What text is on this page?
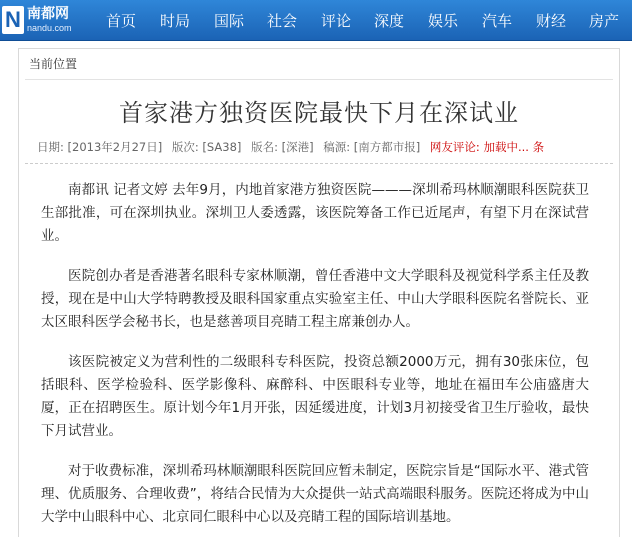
N 南都网
nandu.com 首页 时局 国际 社会 评论 深度 娱乐 汽车 财经 房产
当前位置
首家港方独资医院最快下月在深试业
日期: [2013年2月27日] 版次: [SA38] 版名: [深港] 稿源: [南方都市报] 网友评论: 加载中... 条

南都讯 记者文婷 去年9月，内地首家港方独资医院———深圳希玛林顺潮眼科医院获卫生部批准，可在深圳执业。深圳卫人委透露，该医院筹备工作已近尾声，有望下月在深试营业。

医院创办者是香港著名眼科专家林顺潮，曾任香港中文大学眼科及视觉科学系主任及教授，现在是中山大学特聘教授及眼科国家重点实验室主任、中山大学眼科医院名誉院长、亚太区眼科医学会秘书长，也是慈善项目亮睛工程主席兼创办人。

该医院被定义为营利性的二级眼科专科医院，投资总额2000万元，拥有30张床位，包括眼科、医学检验科、医学影像科、麻醉科、中医眼科专业等，地址在福田车公庙盛唐大厦，正在招聘医生。原计划今年1月开张，因延缓进度，计划3月初接受省卫生厅验收，最快下月试营业。

对于收费标准，深圳希玛林顺潮眼科医院回应暂未制定，医院宗旨是“国际水平、港式管理、优质服务、合理收费”，将结合民情为大众提供一站式高端眼科服务。医院还将成为中山大学中山眼科中心、北京同仁眼科中心以及亮睛工程的国际培训基地。
